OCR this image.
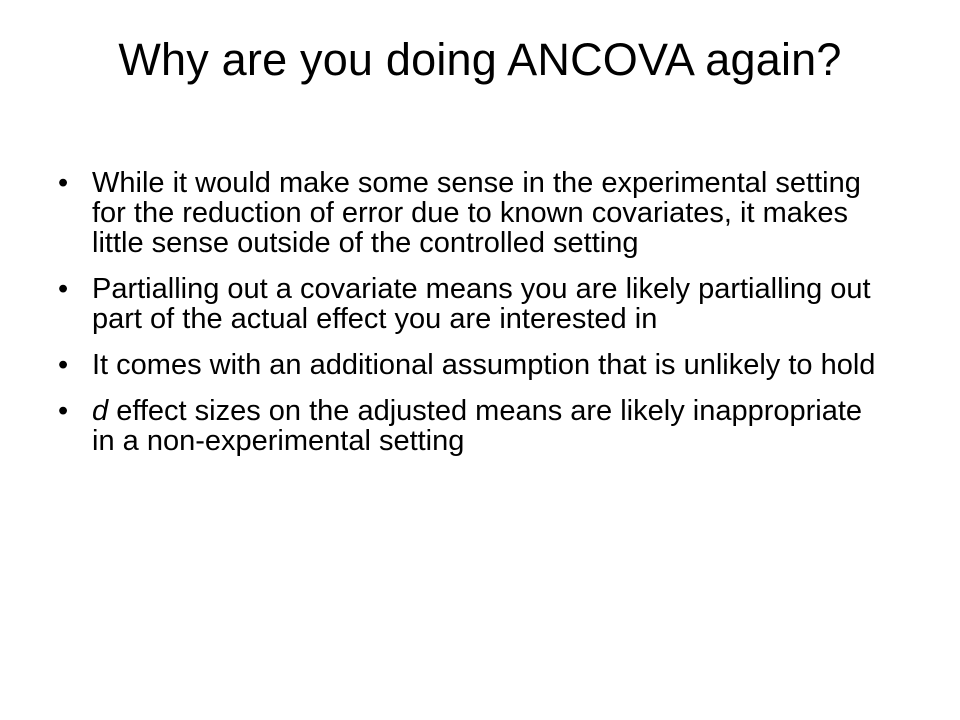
Why are you doing ANCOVA again?
• While it would make some sense in the experimental setting for the reduction of error due to known covariates, it makes little sense outside of the controlled setting
• Partialling out a covariate means you are likely partialling out part of the actual effect you are interested in
• It comes with an additional assumption that is unlikely to hold
• d effect sizes on the adjusted means are likely inappropriate in a non-experimental setting
